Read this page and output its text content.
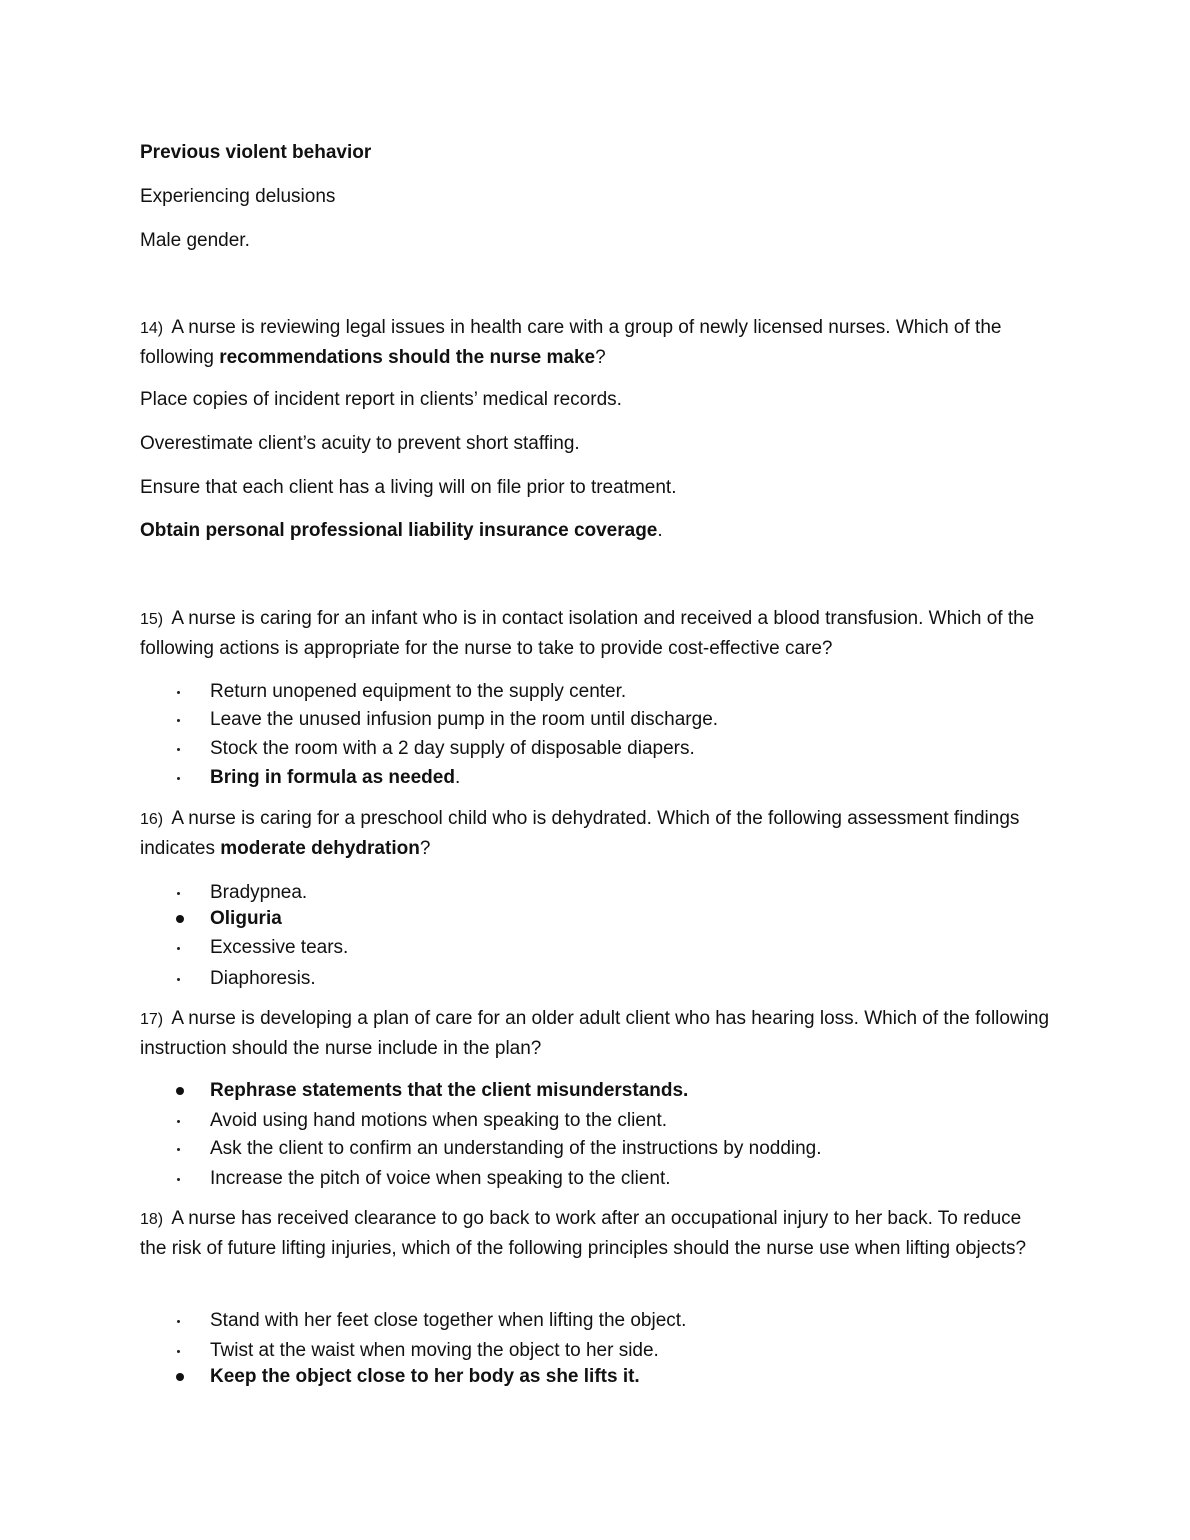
Previous violent behavior
Experiencing delusions
Male gender.
14) A nurse is reviewing legal issues in health care with a group of newly licensed nurses. Which of the following recommendations should the nurse make?
Place copies of incident report in clients’ medical records.
Overestimate client’s acuity to prevent short staffing.
Ensure that each client has a living will on file prior to treatment.
Obtain personal professional liability insurance coverage.
15) A nurse is caring for an infant who is in contact isolation and received a blood transfusion. Which of the following actions is appropriate for the nurse to take to provide cost-effective care?
Return unopened equipment to the supply center.
Leave the unused infusion pump in the room until discharge.
Stock the room with a 2 day supply of disposable diapers.
Bring in formula as needed.
16) A nurse is caring for a preschool child who is dehydrated. Which of the following assessment findings indicates moderate dehydration?
Bradypnea.
Oliguria
Excessive tears.
Diaphoresis.
17) A nurse is developing a plan of care for an older adult client who has hearing loss. Which of the following instruction should the nurse include in the plan?
Rephrase statements that the client misunderstands.
Avoid using hand motions when speaking to the client.
Ask the client to confirm an understanding of the instructions by nodding.
Increase the pitch of voice when speaking to the client.
18) A nurse has received clearance to go back to work after an occupational injury to her back. To reduce the risk of future lifting injuries, which of the following principles should the nurse use when lifting objects?
Stand with her feet close together when lifting the object.
Twist at the waist when moving the object to her side.
Keep the object close to her body as she lifts it.
